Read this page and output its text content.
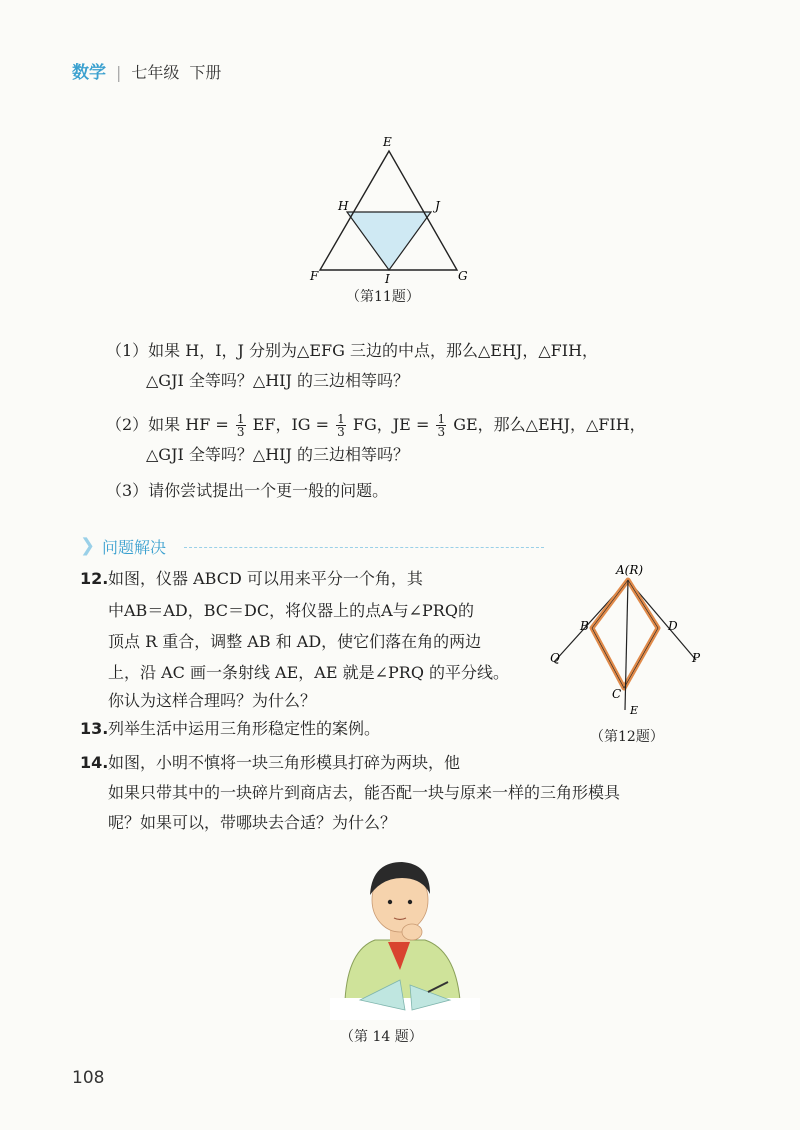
数学 | 七年级 下册
E
H	J
F	I	G
（第11题）
（1）如果 H，I，J 分别为△EFG 三边的中点，那么△EHJ，△FIH，
△GJI 全等吗？△HIJ 的三边相等吗？
（2）如果 HF = $\frac{1}{3}$ EF，IG = $\frac{1}{3}$ FG，JE = $\frac{1}{3}$ GE，那么△EHJ，△FIH，
△GJI 全等吗？△HIJ 的三边相等吗？
（3）请你尝试提出一个更一般的问题。
❯ 问题解决
12. 如图，仪器 ABCD 可以用来平分一个角，其
中AB＝AD，BC＝DC，将仪器上的点A与∠PRQ的
顶点 R 重合，调整 AB 和 AD，使它们落在角的两边
上，沿 AC 画一条射线 AE，AE 就是∠PRQ 的平分线。
你认为这样合理吗？为什么？
A(R)
B	D
Q	P
C
E
（第12题）
13. 列举生活中运用三角形稳定性的案例。
14. 如图，小明不慎将一块三角形模具打碎为两块，他
如果只带其中的一块碎片到商店去，能否配一块与原来一样的三角形模具
呢？如果可以，带哪块去合适？为什么？
（第 14 题）
108
